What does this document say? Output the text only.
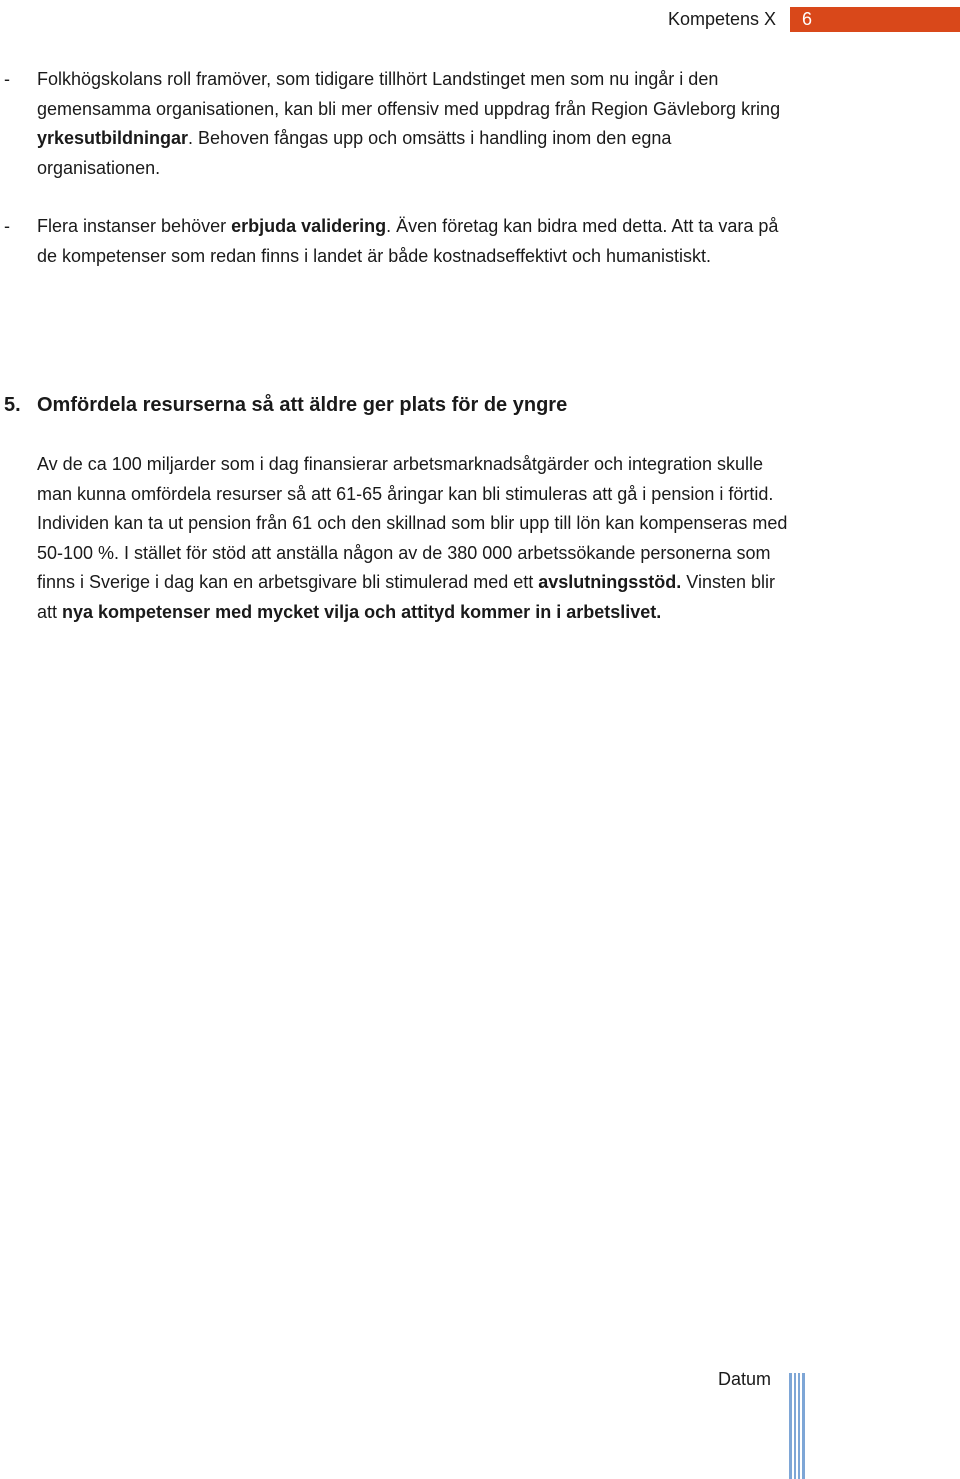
Kompetens X	6
- Folkhögskolans roll framöver, som tidigare tillhört Landstinget men som nu ingår i den gemensamma organisationen, kan bli mer offensiv med uppdrag från Region Gävleborg kring yrkesutbildningar. Behoven fångas upp och omsätts i handling inom den egna organisationen.
- Flera instanser behöver erbjuda validering. Även företag kan bidra med detta. Att ta vara på de kompetenser som redan finns i landet är både kostnadseffektivt och humanistiskt.
5. Omfördela resurserna så att äldre ger plats för de yngre
Av de ca 100 miljarder som i dag finansierar arbetsmarknadsåtgärder och integration skulle man kunna omfördela resurser så att 61-65 åringar kan bli stimuleras att gå i pension i förtid. Individen kan ta ut pension från 61 och den skillnad som blir upp till lön kan kompenseras med 50-100 %. I stället för stöd att anställa någon av de 380 000 arbetssökande personerna som finns i Sverige i dag kan en arbetsgivare bli stimulerad med ett avslutningsstöd. Vinsten blir att nya kompetenser med mycket vilja och attityd kommer in i arbetslivet.
Datum
